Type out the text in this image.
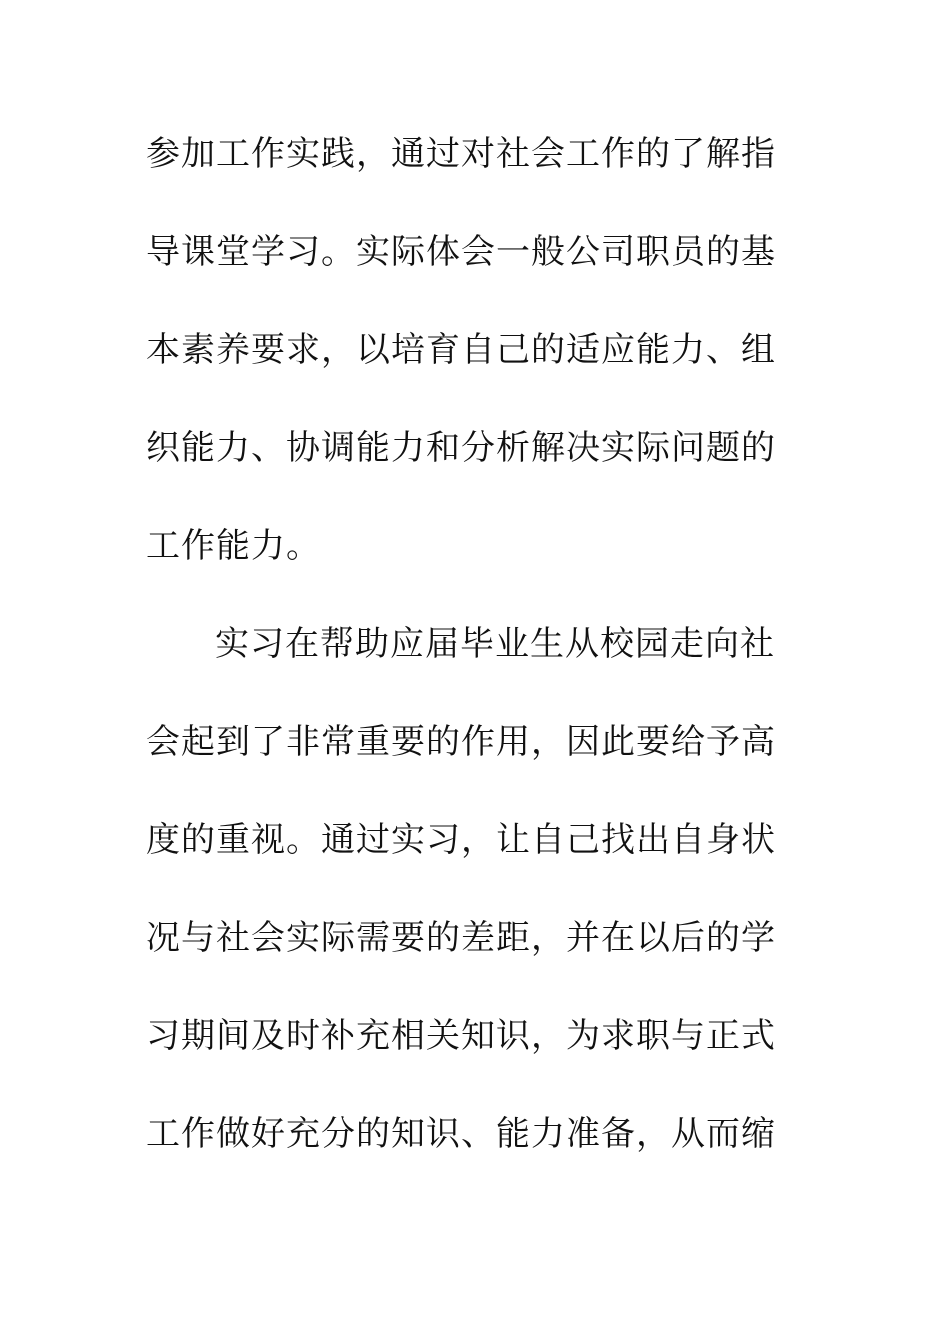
参加工作实践，通过对社会工作的了解指
导课堂学习。实际体会一般公司职员的基
本素养要求，以培育自己的适应能力、组
织能力、协调能力和分析解决实际问题的
工作能力。
实习在帮助应届毕业生从校园走向社
会起到了非常重要的作用，因此要给予高
度的重视。通过实习，让自己找出自身状
况与社会实际需要的差距，并在以后的学
习期间及时补充相关知识，为求职与正式
工作做好充分的知识、能力准备，从而缩
